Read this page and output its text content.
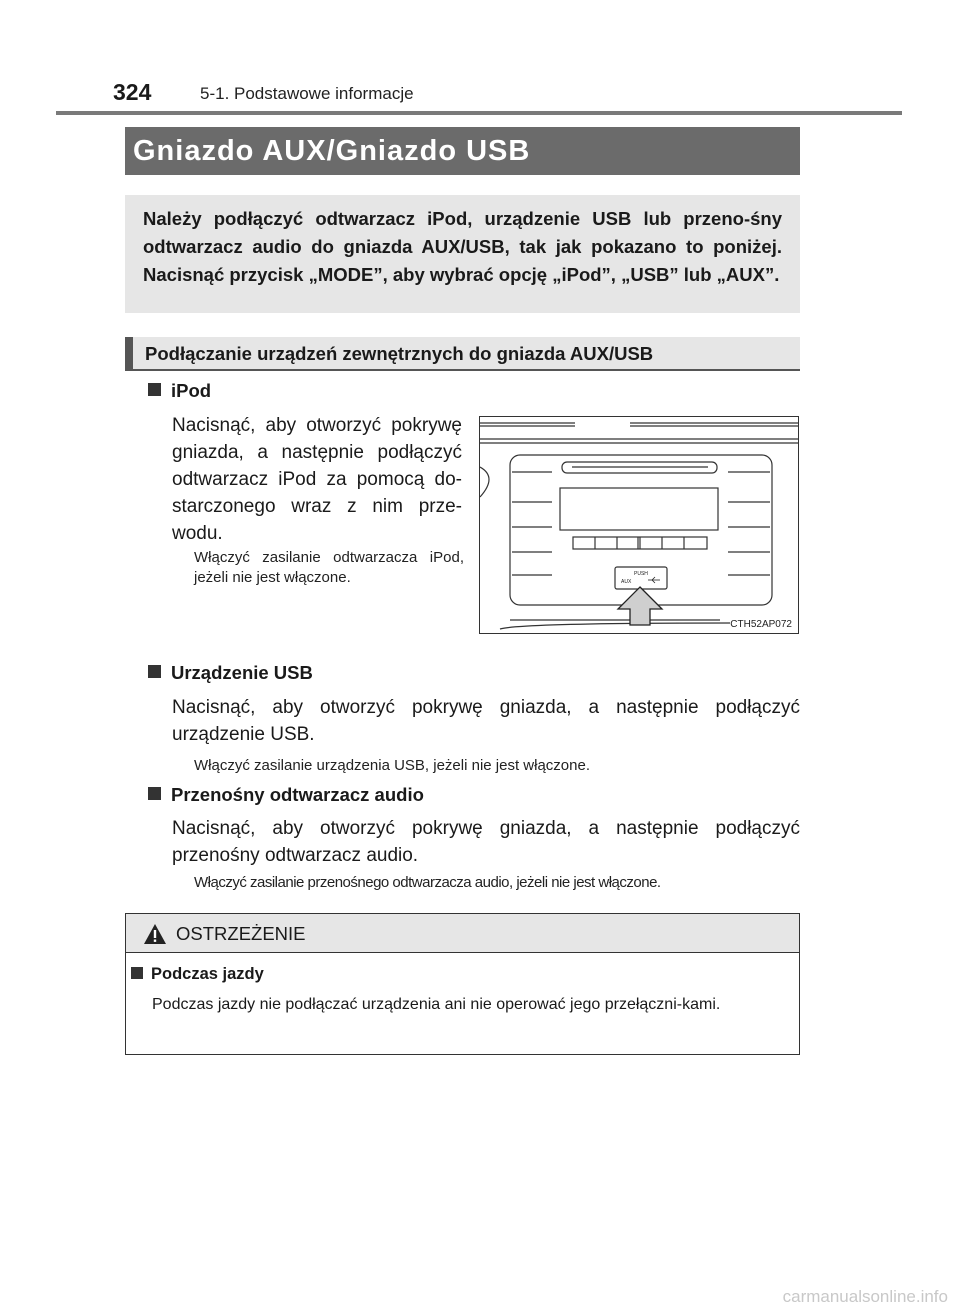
324	5-1. Podstawowe informacje
Gniazdo AUX/Gniazdo USB
Należy podłączyć odtwarzacz iPod, urządzenie USB lub przeno-śny odtwarzacz audio do gniazda AUX/USB, tak jak pokazano to poniżej. Nacisnąć przycisk „MODE”, aby wybrać opcję „iPod”, „USB” lub „AUX”.
Podłączanie urządzeń zewnętrznych do gniazda AUX/USB
iPod
Nacisnąć, aby otworzyć pokrywę
gniazda, a następnie podłączyć
odtwarzacz iPod za pomocą do-
starczonego wraz z nim prze-
wodu.
Włączyć zasilanie odtwarzacza iPod, jeżeli nie jest włączone.	PUSH
AUX
CTH52AP072
Urządzenie USB
Nacisnąć, aby otworzyć pokrywę gniazda, a następnie podłączyć urządzenie USB.
Włączyć zasilanie urządzenia USB, jeżeli nie jest włączone.
Przenośny odtwarzacz audio
Nacisnąć, aby otworzyć pokrywę gniazda, a następnie podłączyć przenośny odtwarzacz audio.
Włączyć zasilanie przenośnego odtwarzacza audio, jeżeli nie jest włączone.
OSTRZEŻENIE
Podczas jazdy
Podczas jazdy nie podłączać urządzenia ani nie operować jego przełączni-kami.
carmanualsonline.info
